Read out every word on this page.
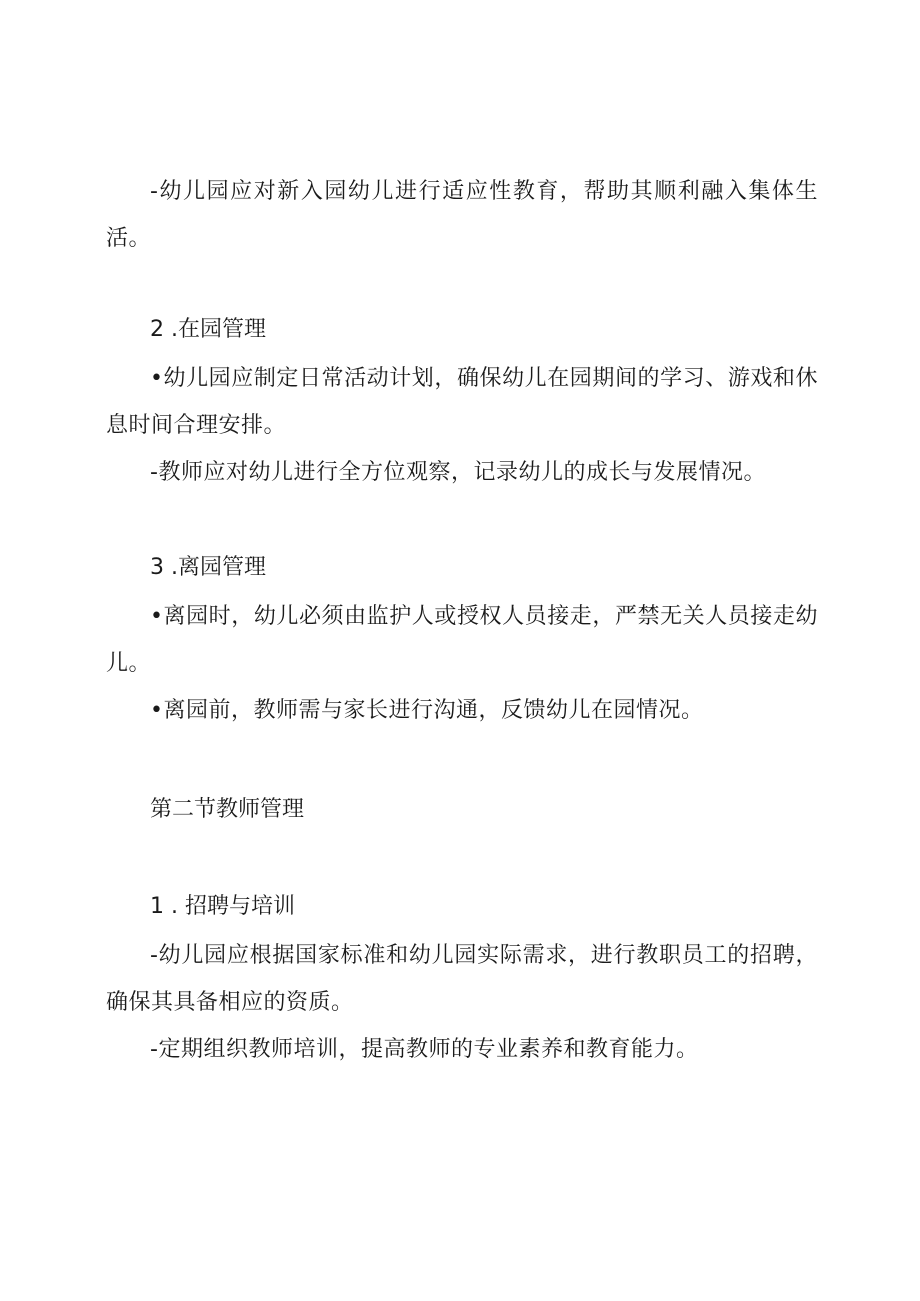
-幼儿园应对新入园幼儿进行适应性教育，帮助其顺利融入集体生活。

2 .在园管理

•幼儿园应制定日常活动计划，确保幼儿在园期间的学习、游戏和休息时间合理安排。

-教师应对幼儿进行全方位观察，记录幼儿的成长与发展情况。

3 .离园管理

•离园时，幼儿必须由监护人或授权人员接走，严禁无关人员接走幼儿。

•离园前，教师需与家长进行沟通，反馈幼儿在园情况。

第二节教师管理

1 . 招聘与培训

-幼儿园应根据国家标准和幼儿园实际需求，进行教职员工的招聘，确保其具备相应的资质。

-定期组织教师培训，提高教师的专业素养和教育能力。
